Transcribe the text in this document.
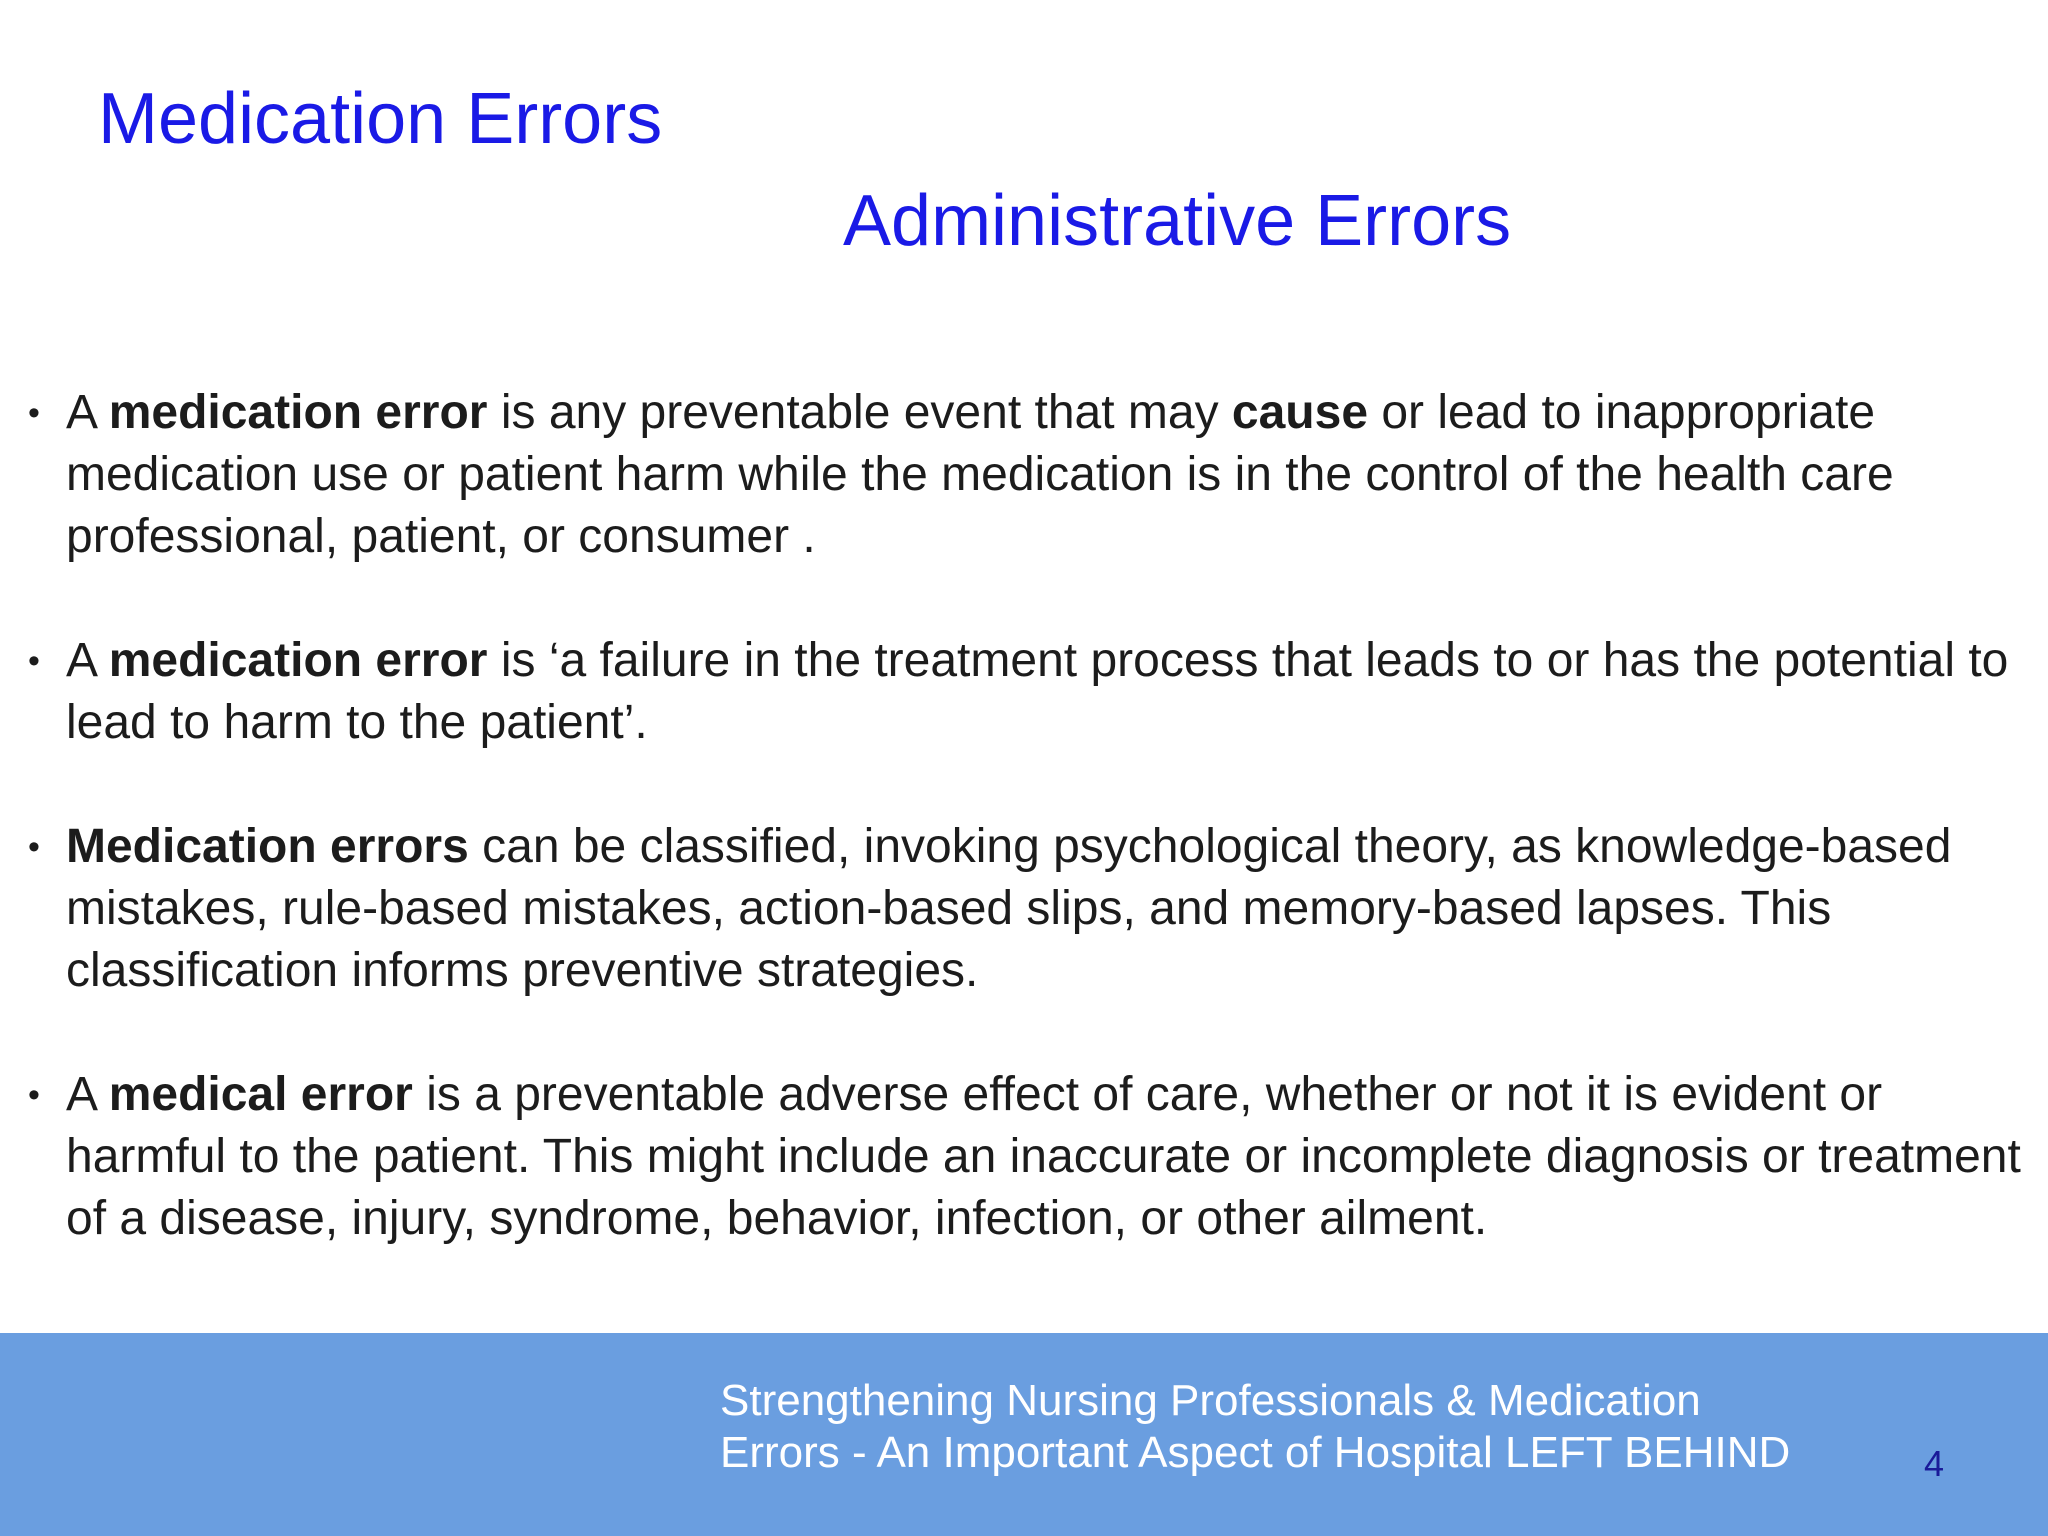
Medication Errors
Administrative Errors
• A medication error is any preventable event that may cause or lead to inappropriate medication use or patient harm while the medication is in the control of the health care professional, patient, or consumer .
• A medication error is ‘a failure in the treatment process that leads to or has the potential to lead to harm to the patient’.
• Medication errors can be classified, invoking psychological theory, as knowledge-based mistakes, rule-based mistakes, action-based slips, and memory-based lapses. This classification informs preventive strategies.
• A medical error is a preventable adverse effect of care, whether or not it is evident or harmful to the patient. This might include an inaccurate or incomplete diagnosis or treatment of a disease, injury, syndrome, behavior, infection, or other ailment.
Strengthening Nursing Professionals & Medication
Errors - An Important Aspect of Hospital LEFT BEHIND	4
